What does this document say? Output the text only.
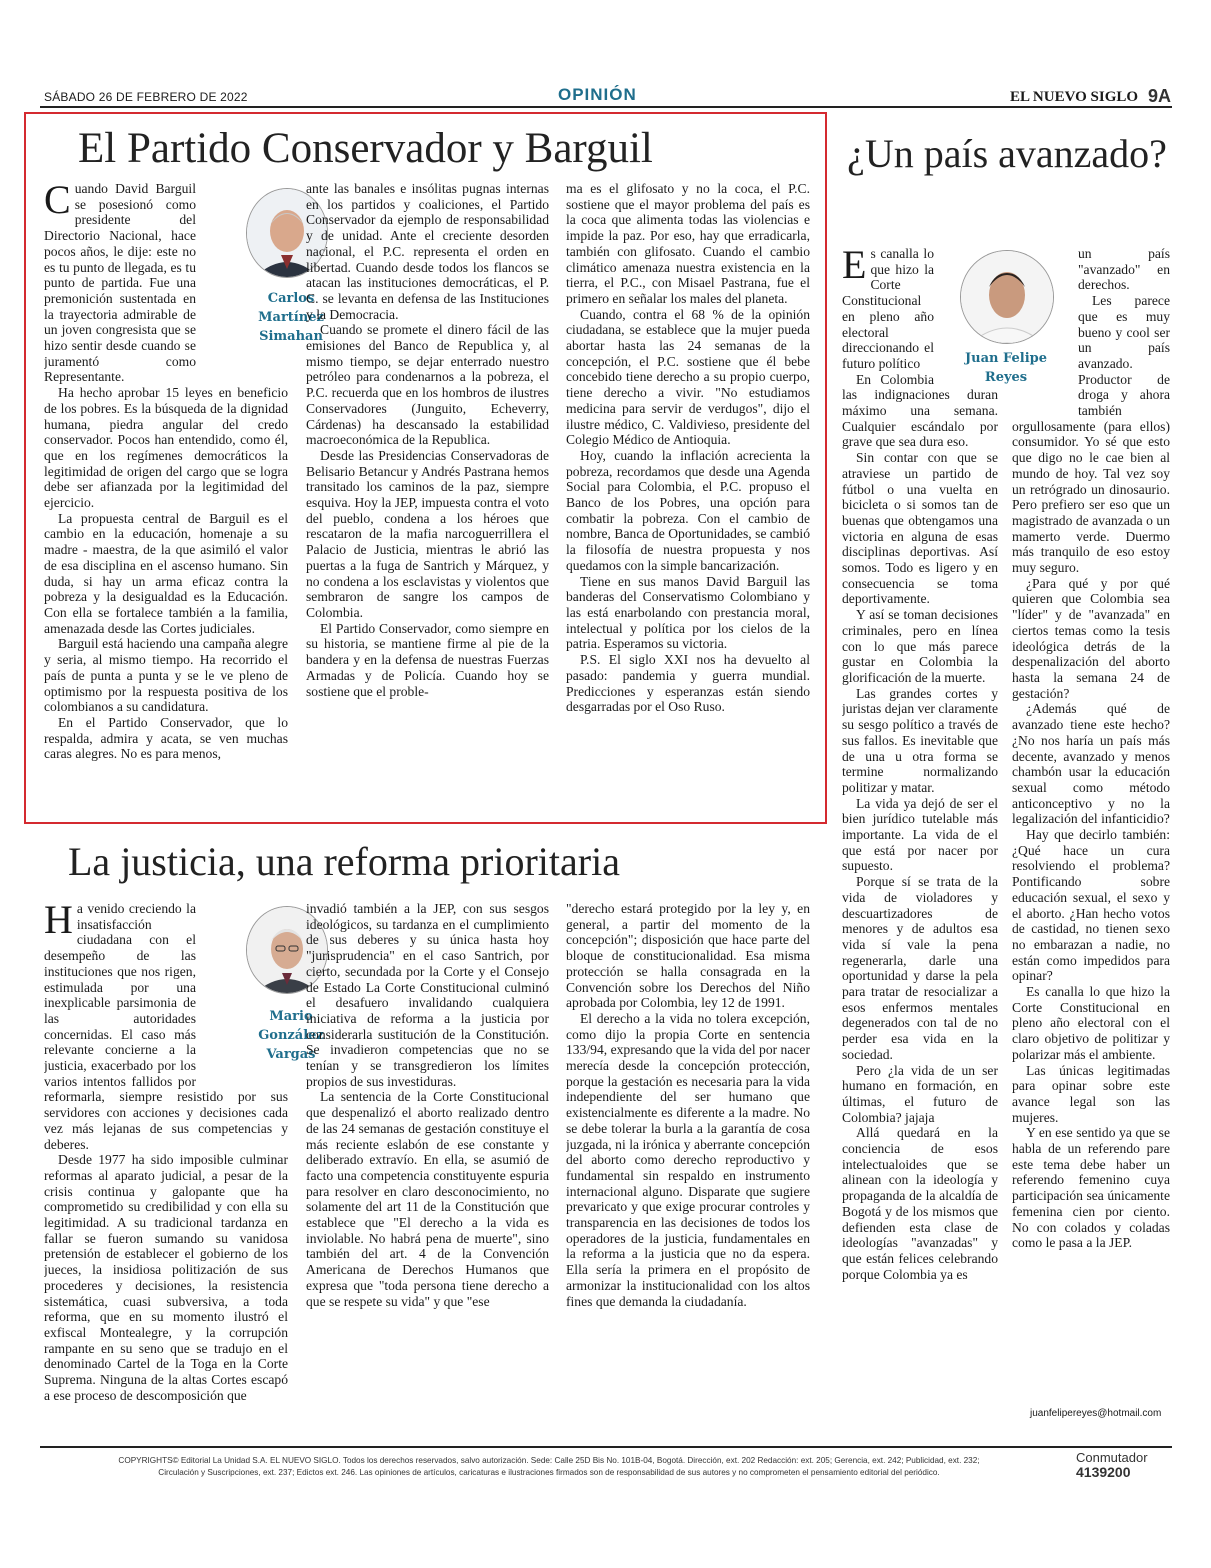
SÁBADO 26 DE FEBRERO DE 2022	OPINIÓN	EL NUEVO SIGLO 9A
El Partido Conservador y Barguil

Cuando David Barguil se posesionó como presidente del Directorio Nacional, hace pocos años, le dije: este no es tu punto de llegada, es tu punto de partida. Fue una premonición sustentada en la trayectoria admirable de un joven congresista que se hizo sentir desde cuando se juramentó como Representante.

Ha hecho aprobar 15 leyes en beneficio de los pobres. Es la búsqueda de la dignidad humana, piedra angular del credo conservador. Pocos han entendido, como él, que en los regímenes democráticos la legitimidad de origen del cargo que se logra debe ser afianzada por la legitimidad del ejercicio.

La propuesta central de Barguil es el cambio en la educación, homenaje a su madre - maestra, de la que asimiló el valor de esa disciplina en el ascenso humano. Sin duda, si hay un arma eficaz contra la pobreza y la desigualdad es la Educación. Con ella se fortalece también a la familia, amenazada desde las Cortes judiciales.

Barguil está haciendo una campaña alegre y seria, al mismo tiempo. Ha recorrido el país de punta a punta y se le ve pleno de optimismo por la respuesta positiva de los colombianos a su candidatura.

En el Partido Conservador, que lo respalda, admira y acata, se ven muchas caras alegres. No es para menos,

Carlos
Martínez
Simahan

ante las banales e insólitas pugnas internas en los partidos y coaliciones, el Partido Conservador da ejemplo de responsabilidad y de unidad. Ante el creciente desorden nacional, el P.C. representa el orden en libertad. Cuando desde todos los flancos se atacan las instituciones democráticas, el P. C. se levanta en defensa de las Instituciones y la Democracia.

Cuando se promete el dinero fácil de las emisiones del Banco de Republica y, al mismo tiempo, se dejar enterrado nuestro petróleo para condenarnos a la pobreza, el P.C. recuerda que en los hombros de ilustres Conservadores (Junguito, Echeverry, Cárdenas) ha descansado la estabilidad macroeconómica de la Republica.

Desde las Presidencias Conservadoras de Belisario Betancur y Andrés Pastrana hemos transitado los caminos de la paz, siempre esquiva. Hoy la JEP, impuesta contra el voto del pueblo, condena a los héroes que rescataron de la mafia narcoguerrillera el Palacio de Justicia, mientras le abrió las puertas a la fuga de Santrich y Márquez, y no condena a los esclavistas y violentos que sembraron de sangre los campos de Colombia.

El Partido Conservador, como siempre en su historia, se mantiene firme al pie de la bandera y en la defensa de nuestras Fuerzas Armadas y de Policía. Cuando hoy se sostiene que el proble-

ma es el glifosato y no la coca, el P.C. sostiene que el mayor problema del país es la coca que alimenta todas las violencias e impide la paz. Por eso, hay que erradicarla, también con glifosato. Cuando el cambio climático amenaza nuestra existencia en la tierra, el P.C., con Misael Pastrana, fue el primero en señalar los males del planeta.

Cuando, contra el 68 % de la opinión ciudadana, se establece que la mujer pueda abortar hasta las 24 semanas de la concepción, el P.C. sostiene que él bebe concebido tiene derecho a su propio cuerpo, tiene derecho a vivir. "No estudiamos medicina para servir de verdugos", dijo el ilustre médico, C. Valdivieso, presidente del Colegio Médico de Antioquia.

Hoy, cuando la inflación acrecienta la pobreza, recordamos que desde una Agenda Social para Colombia, el P.C. propuso el Banco de los Pobres, una opción para combatir la pobreza. Con el cambio de nombre, Banca de Oportunidades, se cambió la filosofía de nuestra propuesta y nos quedamos con la simple bancarización.

Tiene en sus manos David Barguil las banderas del Conservatismo Colombiano y las está enarbolando con prestancia moral, intelectual y política por los cielos de la patria. Esperamos su victoria.

P.S. El siglo XXI nos ha devuelto al pasado: pandemia y guerra mundial. Predicciones y esperanzas están siendo desgarradas por el Oso Ruso.

La justicia, una reforma prioritaria

Ha venido creciendo la insatisfacción ciudadana con el desempeño de las instituciones que nos rigen, estimulada por una inexplicable parsimonia de las autoridades concernidas. El caso más relevante concierne a la justicia, exacerbado por los varios intentos fallidos por reformarla, siempre resistido por sus servidores con acciones y decisiones cada vez más lejanas de sus competencias y deberes.

Desde 1977 ha sido imposible culminar reformas al aparato judicial, a pesar de la crisis continua y galopante que ha comprometido su credibilidad y con ella su legitimidad. A su tradicional tardanza en fallar se fueron sumando su vanidosa pretensión de establecer el gobierno de los jueces, la insidiosa politización de sus procederes y decisiones, la resistencia sistemática, cuasi subversiva, a toda reforma, que en su momento ilustró el exfiscal Montealegre, y la corrupción rampante en su seno que se tradujo en el denominado Cartel de la Toga en la Corte Suprema. Ninguna de la altas Cortes escapó a ese proceso de descomposición que

Mario
González
Vargas

invadió también a la JEP, con sus sesgos ideológicos, su tardanza en el cumplimiento de sus deberes y su única hasta hoy "jurisprudencia" en el caso Santrich, por cierto, secundada por la Corte y el Consejo de Estado La Corte Constitucional culminó el desafuero invalidando cualquiera iniciativa de reforma a la justicia por considerarla sustitución de la Constitución. Se invadieron competencias que no se tenían y se transgredieron los límites propios de sus investiduras.

La sentencia de la Corte Constitucional que despenalizó el aborto realizado dentro de las 24 semanas de gestación constituye el más reciente eslabón de ese constante y deliberado extravío. En ella, se asumió de facto una competencia constituyente espuria para resolver en claro desconocimiento, no solamente del art 11 de la Constitución que establece que "El derecho a la vida es inviolable. No habrá pena de muerte", sino también del art. 4 de la Convención Americana de Derechos Humanos que expresa que "toda persona tiene derecho a que se respete su vida" y que "ese

"derecho estará protegido por la ley y, en general, a partir del momento de la concepción"; disposición que hace parte del bloque de constitucionalidad. Esa misma protección se halla consagrada en la Convención sobre los Derechos del Niño aprobada por Colombia, ley 12 de 1991.

El derecho a la vida no tolera excepción, como dijo la propia Corte en sentencia 133/94, expresando que la vida del por nacer merecía desde la concepción protección, porque la gestación es necesaria para la vida independiente del ser humano que existencialmente es diferente a la madre. No se debe tolerar la burla a la garantía de cosa juzgada, ni la irónica y aberrante concepción del aborto como derecho reproductivo y fundamental sin respaldo en instrumento internacional alguno. Disparate que sugiere prevaricato y que exige procurar controles y transparencia en las decisiones de todos los operadores de la justicia, fundamentales en la reforma a la justicia que no da espera. Ella sería la primera en el propósito de armonizar la institucionalidad con los altos fines que demanda la ciudadanía.

¿Un país avanzado?

Es canalla lo que hizo la Corte Constitucional en pleno año electoral direccionando el futuro político

En Colombia las indignaciones duran máximo una semana. Cualquier escándalo por grave que sea dura eso.

Sin contar con que se atraviese un partido de fútbol o una vuelta en bicicleta o si somos tan de buenas que obtengamos una victoria en alguna de esas disciplinas deportivas. Así somos. Todo es ligero y en consecuencia se toma deportivamente.

Y así se toman decisiones criminales, pero en línea con lo que más parece gustar en Colombia la glorificación de la muerte.

Las grandes cortes y juristas dejan ver claramente su sesgo político a través de sus fallos. Es inevitable que de una u otra forma se termine normalizando politizar y matar.

La vida ya dejó de ser el bien jurídico tutelable más importante. La vida de el que está por nacer por supuesto.

Porque sí se trata de la vida de violadores y descuartizadores de menores y de adultos esa vida sí vale la pena regenerarla, darle una oportunidad y darse la pela para tratar de resocializar a esos enfermos mentales degenerados con tal de no perder esa vida en la sociedad.

Pero ¿la vida de un ser humano en formación, en últimas, el futuro de Colombia? jajaja

Allá quedará en la conciencia de esos intelectualoides que se alinean con la ideología y propaganda de la alcaldía de Bogotá y de los mismos que defienden esta clase de ideologías "avanzadas" y que están felices celebrando porque Colombia ya es

Juan Felipe
Reyes

un país "avanzado" en derechos.

Les parece que es muy bueno y cool ser un país avanzado. Productor de droga y ahora también orgullosamente (para ellos) consumidor. Yo sé que esto que digo no le cae bien al mundo de hoy. Tal vez soy un retrógrado un dinosaurio. Pero prefiero ser eso que un magistrado de avanzada o un mamerto verde. Duermo más tranquilo de eso estoy muy seguro.

¿Para qué y por qué quieren que Colombia sea "líder" y de "avanzada" en ciertos temas como la tesis ideológica detrás de la despenalización del aborto hasta la semana 24 de gestación?

¿Además qué de avanzado tiene este hecho? ¿No nos haría un país más decente, avanzado y menos chambón usar la educación sexual como método anticonceptivo y no la legalización del infanticidio?

Hay que decirlo también: ¿Qué hace un cura resolviendo el problema? Pontificando sobre educación sexual, el sexo y el aborto. ¿Han hecho votos de castidad, no tienen sexo no embarazan a nadie, no están como impedidos para opinar?

Es canalla lo que hizo la Corte Constitucional en pleno año electoral con el claro objetivo de politizar y polarizar más el ambiente.

Las únicas legitimadas para opinar sobre este avance legal son las mujeres.

Y en ese sentido ya que se habla de un referendo pare este tema debe haber un referendo femenino cuya participación sea únicamente femenina cien por ciento. No con colados y coladas como le pasa a la JEP.

juanfelipereyes@hotmail.com
COPYRIGHTS© Editorial La Unidad S.A. EL NUEVO SIGLO. Todos los derechos reservados, salvo autorización. Sede: Calle 25D Bis No. 101B-04, Bogotá. Dirección, ext. 202 Redacción: ext. 205; Gerencia, ext. 242; Publicidad, ext. 232;
Circulación y Suscripciones, ext. 237; Edictos ext. 246. Las opiniones de artículos, caricaturas e ilustraciones firmados son de responsabilidad de sus autores y no comprometen el pensamiento editorial del periódico.
Conmutador
4139200
